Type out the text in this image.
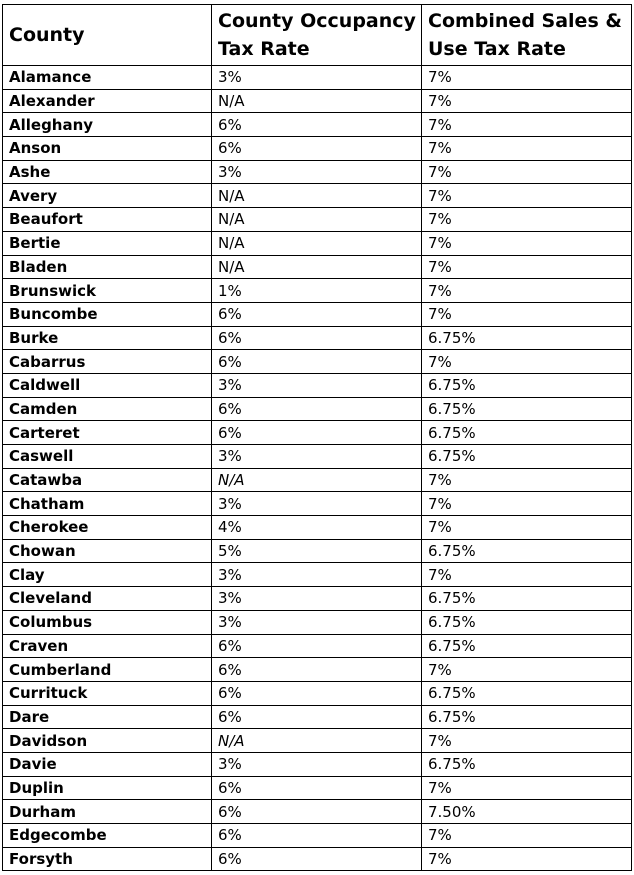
County	County Occupancy Tax Rate	Combined Sales & Use Tax Rate

Alamance	3%	7%
Alexander	N/A	7%
Alleghany	6%	7%
Anson	6%	7%
Ashe	3%	7%
Avery	N/A	7%
Beaufort	N/A	7%
Bertie	N/A	7%
Bladen	N/A	7%
Brunswick	1%	7%
Buncombe	6%	7%
Burke	6%	6.75%
Cabarrus	6%	7%
Caldwell	3%	6.75%
Camden	6%	6.75%
Carteret	6%	6.75%
Caswell	3%	6.75%
Catawba	N/A	7%
Chatham	3%	7%
Cherokee	4%	7%
Chowan	5%	6.75%
Clay	3%	7%
Cleveland	3%	6.75%
Columbus	3%	6.75%
Craven	6%	6.75%
Cumberland	6%	7%
Currituck	6%	6.75%
Dare	6%	6.75%
Davidson	N/A	7%
Davie	3%	6.75%
Duplin	6%	7%
Durham	6%	7.50%
Edgecombe	6%	7%
Forsyth	6%	7%
